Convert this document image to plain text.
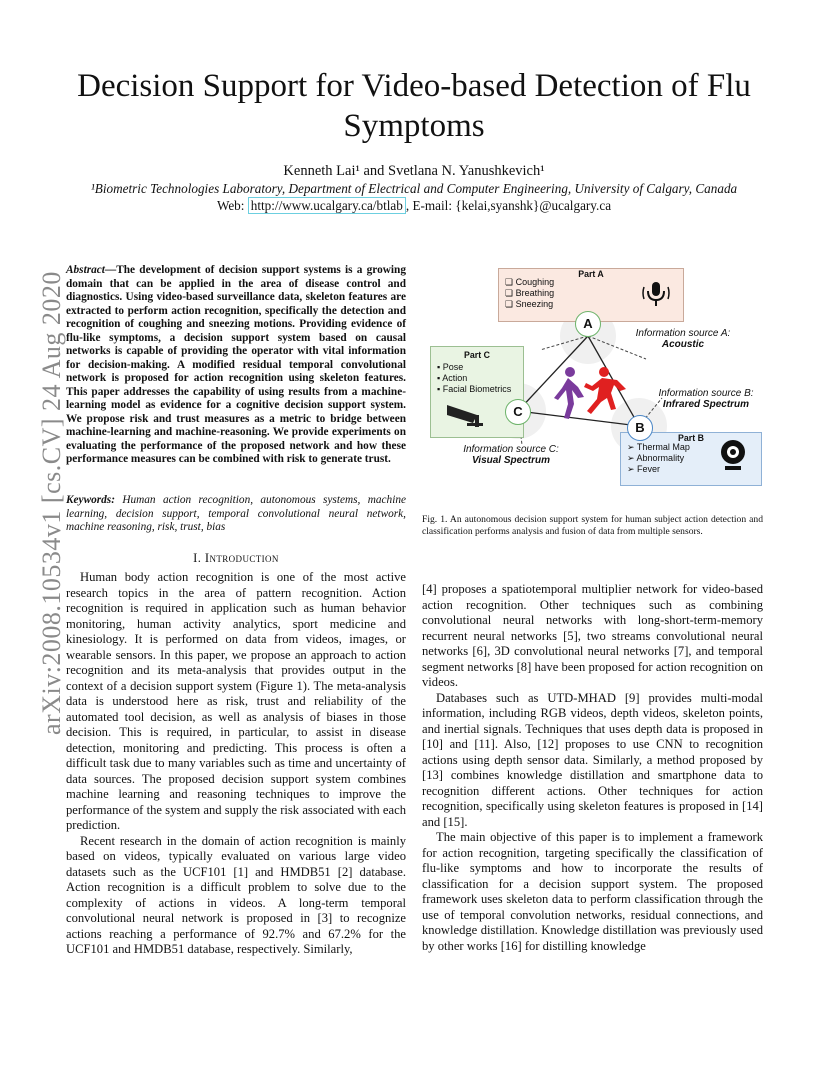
arXiv:2008.10534v1 [cs.CV] 24 Aug 2020
Decision Support for Video-based Detection of Flu Symptoms
Kenneth Lai¹ and Svetlana N. Yanushkevich¹
¹Biometric Technologies Laboratory, Department of Electrical and Computer Engineering, University of Calgary, Canada
Web: http://www.ucalgary.ca/btlab , E-mail: {kelai,syanshk}@ucalgary.ca
Abstract—The development of decision support systems is a growing domain that can be applied in the area of disease control and diagnostics. Using video-based surveillance data, skeleton features are extracted to perform action recognition, specifically the detection and recognition of coughing and sneezing motions. Providing evidence of flu-like symptoms, a decision support system based on causal networks is capable of providing the operator with vital information for decision-making. A modified residual temporal convolutional network is proposed for action recognition using skeleton features. This paper addresses the capability of using results from a machine-learning model as evidence for a cognitive decision support system. We propose risk and trust measures as a metric to bridge between machine-learning and machine-reasoning. We provide experiments on evaluating the performance of the proposed network and how these performance measures can be combined with risk to generate trust.
Keywords: Human action recognition, autonomous systems, machine learning, decision support, temporal convolutional neural network, machine reasoning, risk, trust, bias
I. Introduction

Human body action recognition is one of the most active research topics in the area of pattern recognition. Action recognition is required in application such as human behavior monitoring, human activity analytics, sport medicine and kinesiology. It is performed on data from videos, images, or wearable sensors. In this paper, we propose an approach to action recognition and its meta-analysis that provides output in the context of a decision support system (Figure 1). The meta-analysis data is understood here as risk, trust and reliability of the automated tool decision, as well as analysis of biases in those decision. This is required, in particular, to assist in disease detection, monitoring and predicting. This process is often a difficult task due to many variables such as time and uncertainty of data sources. The proposed decision support system combines machine learning and reasoning techniques to improve the performance of the system and supply the risk associated with each prediction.

Recent research in the domain of action recognition is mainly based on videos, typically evaluated on various large video datasets such as the UCF101 [1] and HMDB51 [2] database. Action recognition is a difficult problem to solve due to the complexity of actions in videos. A long-term temporal convolutional neural network is proposed in [3] to recognize actions reaching a performance of 92.7% and 67.2% for the UCF101 and HMDB51 database, respectively. Similarly,

Part A
❏ Coughing
❏ Breathing
❏ Sneezing
Part C
▪ Pose
▪ Action
▪ Facial Biometrics
Part B
➢ Thermal Map
➢ Abnormality
➢ Fever
A
C
B
Information source A:
Acoustic
Information source B:
Infrared Spectrum
Information source C:
Visual Spectrum
Fig. 1. An autonomous decision support system for human subject action detection and classification performs analysis and fusion of data from multiple sensors.

[4] proposes a spatiotemporal multiplier network for video-based action recognition. Other techniques such as combining convolutional neural networks with long-short-term-memory recurrent neural networks [5], two streams convolutional neural networks [6], 3D convolutional neural networks [7], and temporal segment networks [8] have been proposed for action recognition on videos.

Databases such as UTD-MHAD [9] provides multi-modal information, including RGB videos, depth videos, skeleton points, and inertial signals. Techniques that uses depth data is proposed in [10] and [11]. Also, [12] proposes to use CNN to recognition actions using depth sensor data. Similarly, a method proposed by [13] combines knowledge distillation and smartphone data to recognition different actions. Other techniques for action recognition, specifically using skeleton features is proposed in [14] and [15].

The main objective of this paper is to implement a framework for action recognition, targeting specifically the classification of flu-like symptoms and how to incorporate the results of classification for a decision support system. The proposed framework uses skeleton data to perform classification through the use of temporal convolution networks, residual connections, and knowledge distillation. Knowledge distillation was previously used by other works [16] for distilling knowledge
